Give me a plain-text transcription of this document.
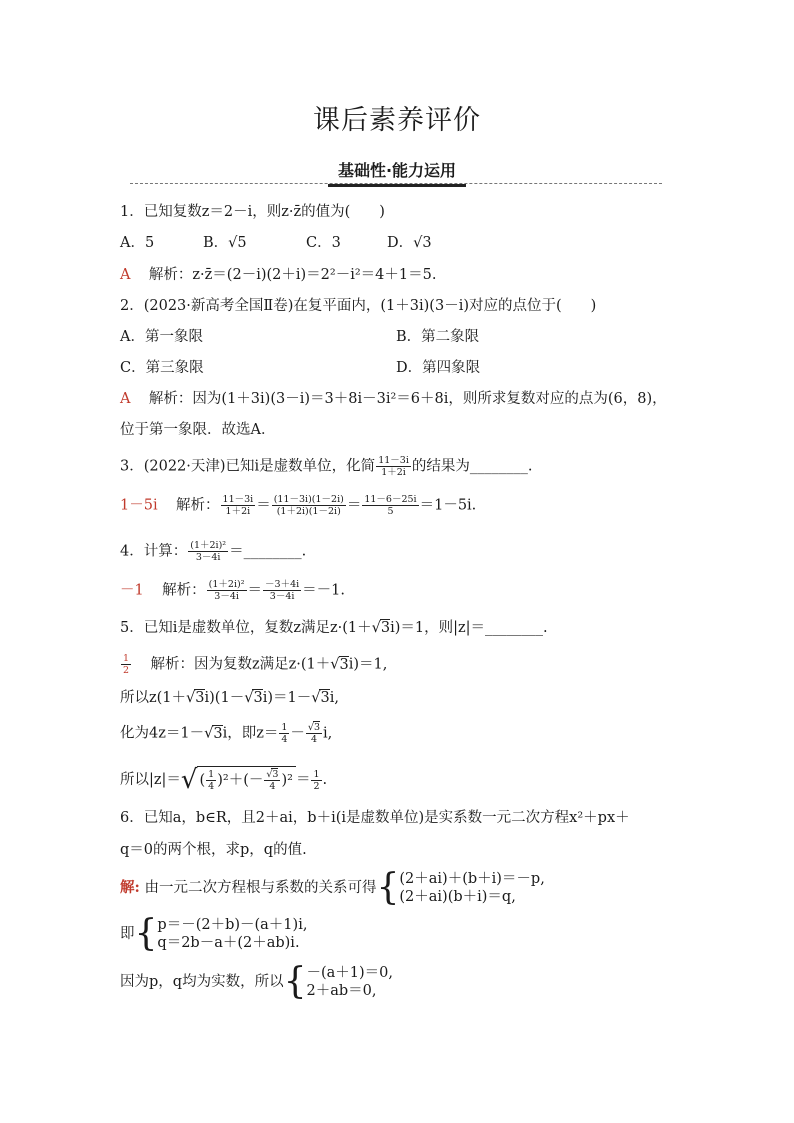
课后素养评价
基础性·能力运用
1．已知复数z＝2－i，则z·z̄的值为(　　)
A．5	B．√5	C．3	D．√3
A 解析：z·z̄＝(2－i)(2＋i)＝2²－i²＝4＋1＝5.
2．(2023·新高考全国Ⅱ卷)在复平面内，(1＋3i)(3－i)对应的点位于(　　)
A．第一象限	B．第二象限
C．第三象限	D．第四象限
A 解析：因为(1＋3i)(3－i)＝3＋8i－3i²＝6＋8i，则所求复数对应的点为(6，8)，
位于第一象限．故选A．
3．(2022·天津)已知i是虚数单位，化简 $\frac{11-3i}{1+2i}$ 的结果为________.
1－5i 解析： $\frac{11-3i}{1+2i} = \frac{(11-3i)(1-2i)}{(1+2i)(1-2i)} = \frac{11-6-25i}{5} =1-5i$.
4．计算： $\frac{\text{(1＋2i)²}}{3-4i}$ ＝________.
－1 解析： $\frac{\text{(1＋2i)²}}{3-4i} = \frac{-3+4i}{3-4i} =-1$.
5．已知i是虚数单位，复数z满足z·(1＋√3i)＝1，则|z|＝________.
$\frac{1}{2}$ 解析：因为复数z满足z·(1＋√3i)＝1,
所以z(1＋√3i)(1－√3i)＝1－√3i,
化为4z＝1－√3i，即$z= \frac{1}{4} - \frac{√3}{4} i$,
所以|z|＝√ ( $\frac{1}{4} )^2+(- \frac{√3}{4} )^2 = \frac{1}{2}$ .
6．已知a，b∈R，且2＋ai，b＋i(i是虚数单位)是实系数一元二次方程x²＋px＋
q＝0的两个根，求p，q的值.
解: 由一元二次方程根与系数的关系可得{ (2＋ai)＋(b＋i)＝－p,
(2＋ai)(b＋i)＝q,
即{ p＝－(2＋b)－(a＋1)i,
q＝2b－a＋(2＋ab)i.
因为p，q均为实数，所以{ －(a＋1)＝0,
2＋ab＝0,
